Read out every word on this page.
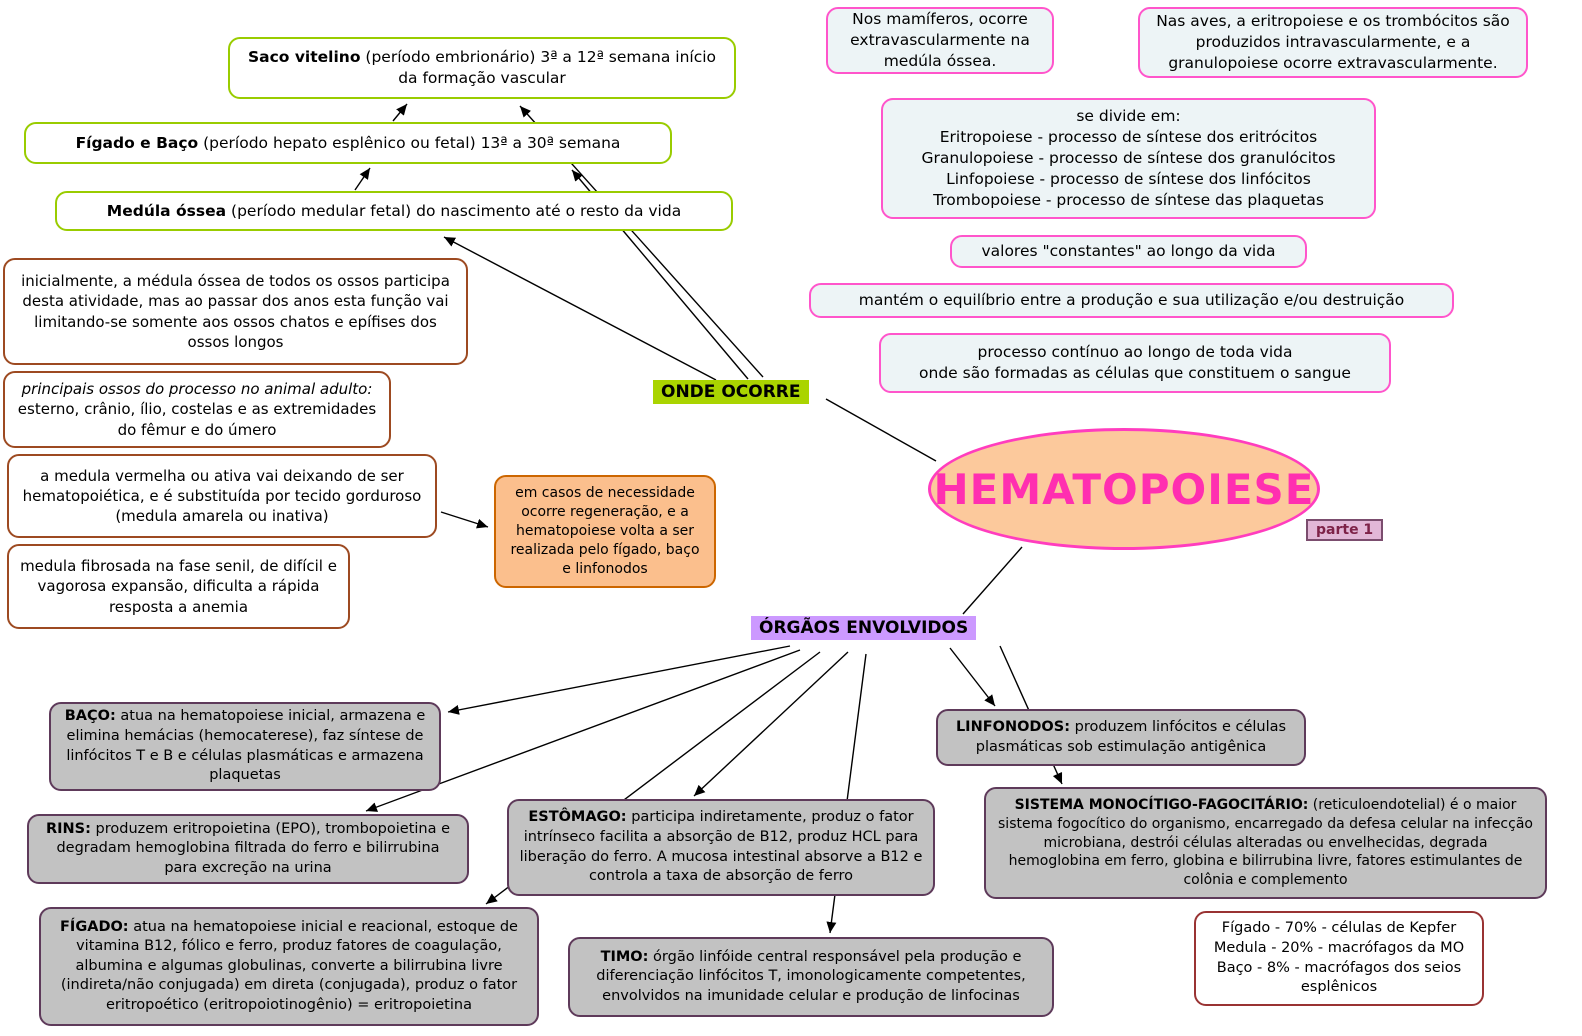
Saco vitelino (período embrionário) 3ª a 12ª semana início da formação vascular
Fígado e Baço (período hepato esplênico ou fetal) 13ª a 30ª semana
Medúla óssea (período medular fetal) do nascimento até o resto da vida
inicialmente, a médula óssea de todos os ossos participa desta atividade, mas ao passar dos anos esta função vai limitando-se somente aos ossos chatos e epífises dos ossos longos
principais ossos do processo no animal adulto: esterno, crânio, ílio, costelas e as extremidades do fêmur e do úmero
a medula vermelha ou ativa vai deixando de ser hematopoiética, e é substituída por tecido gorduroso (medula amarela ou inativa)
medula fibrosada na fase senil, de difícil e vagorosa expansão, dificulta a rápida resposta a anemia
em casos de necessidade ocorre regeneração, e a hematopoiese volta a ser realizada pelo fígado, baço e linfonodos
ONDE OCORRE
Nos mamíferos, ocorre extravascularmente na medúla óssea.
Nas aves, a eritropoiese e os trombócitos são produzidos intravascularmente, e a granulopoiese ocorre extravascularmente.
se divide em:
Eritropoiese - processo de síntese dos eritrócitos
Granulopoiese - processo de síntese dos granulócitos
Linfopoiese - processo de síntese dos linfócitos
Trombopoiese - processo de síntese das plaquetas
valores "constantes" ao longo da vida
mantém o equilíbrio entre a produção e sua utilização e/ou destruição
processo contínuo ao longo de toda vida
onde são formadas as células que constituem o sangue
HEMATOPOIESE
parte 1
ÓRGÃOS ENVOLVIDOS
BAÇO: atua na hematopoiese inicial, armazena e elimina hemácias (hemocaterese), faz síntese de linfócitos T e B e células plasmáticas e armazena plaquetas
RINS: produzem eritropoietina (EPO), trombopoietina e degradam hemoglobina filtrada do ferro e bilirrubina para excreção na urina
FÍGADO: atua na hematopoiese inicial e reacional, estoque de vitamina B12, fólico e ferro, produz fatores de coagulação, albumina e algumas globulinas, converte a bilirrubina livre (indireta/não conjugada) em direta (conjugada), produz o fator eritropoético (eritropoiotinogênio) = eritropoietina
ESTÔMAGO: participa indiretamente, produz o fator intrínseco facilita a absorção de B12, produz HCL para liberação do ferro. A mucosa intestinal absorve a B12 e controla a taxa de absorção de ferro
TIMO: órgão linfóide central responsável pela produção e diferenciação linfócitos T, imonologicamente competentes, envolvidos na imunidade celular e produção de linfocinas
LINFONODOS: produzem linfócitos e células plasmáticas sob estimulação antigênica
SISTEMA MONOCÍTIGO-FAGOCITÁRIO: (reticuloendotelial) é o maior sistema fogocítico do organismo, encarregado da defesa celular na infecção microbiana, destrói células alteradas ou envelhecidas, degrada hemoglobina em ferro, globina e bilirrubina livre, fatores estimulantes de colônia e complemento
Fígado - 70% - células de Kepfer
Medula - 20% - macrófagos da MO
Baço - 8% - macrófagos dos seios esplênicos
